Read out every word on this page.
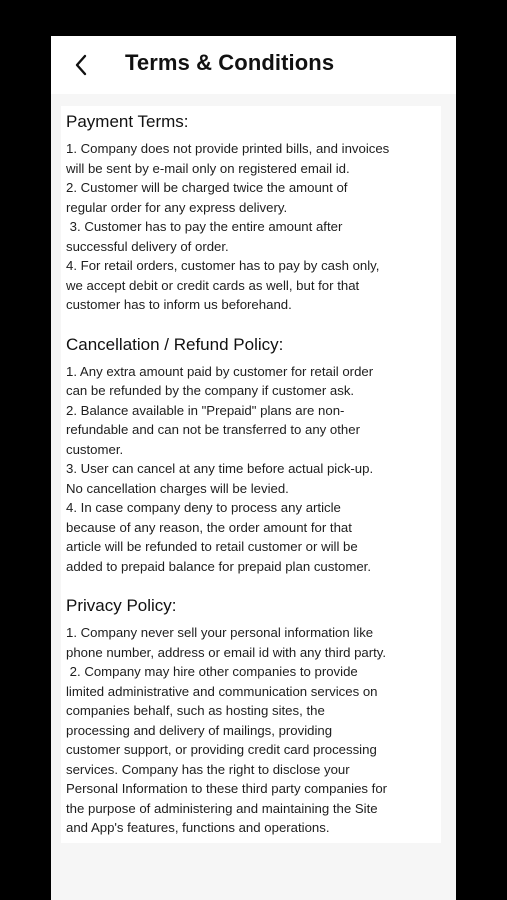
Terms & Conditions
Payment Terms:
1. Company does not provide printed bills, and invoices
will be sent by e-mail only on registered email id.
2. Customer will be charged twice the amount of
regular order for any express delivery.
3. Customer has to pay the entire amount after
successful delivery of order.
4. For retail orders, customer has to pay by cash only,
we accept debit or credit cards as well, but for that
customer has to inform us beforehand.
Cancellation / Refund Policy:
1. Any extra amount paid by customer for retail order
can be refunded by the company if customer ask.
2. Balance available in "Prepaid" plans are non-
refundable and can not be transferred to any other
customer.
3. User can cancel at any time before actual pick-up.
No cancellation charges will be levied.
4. In case company deny to process any article
because of any reason, the order amount for that
article will be refunded to retail customer or will be
added to prepaid balance for prepaid plan customer.
Privacy Policy:
1. Company never sell your personal information like
phone number, address or email id with any third party.
2. Company may hire other companies to provide
limited administrative and communication services on
companies behalf, such as hosting sites, the
processing and delivery of mailings, providing
customer support, or providing credit card processing
services. Company has the right to disclose your
Personal Information to these third party companies for
the purpose of administering and maintaining the Site
and App's features, functions and operations.
